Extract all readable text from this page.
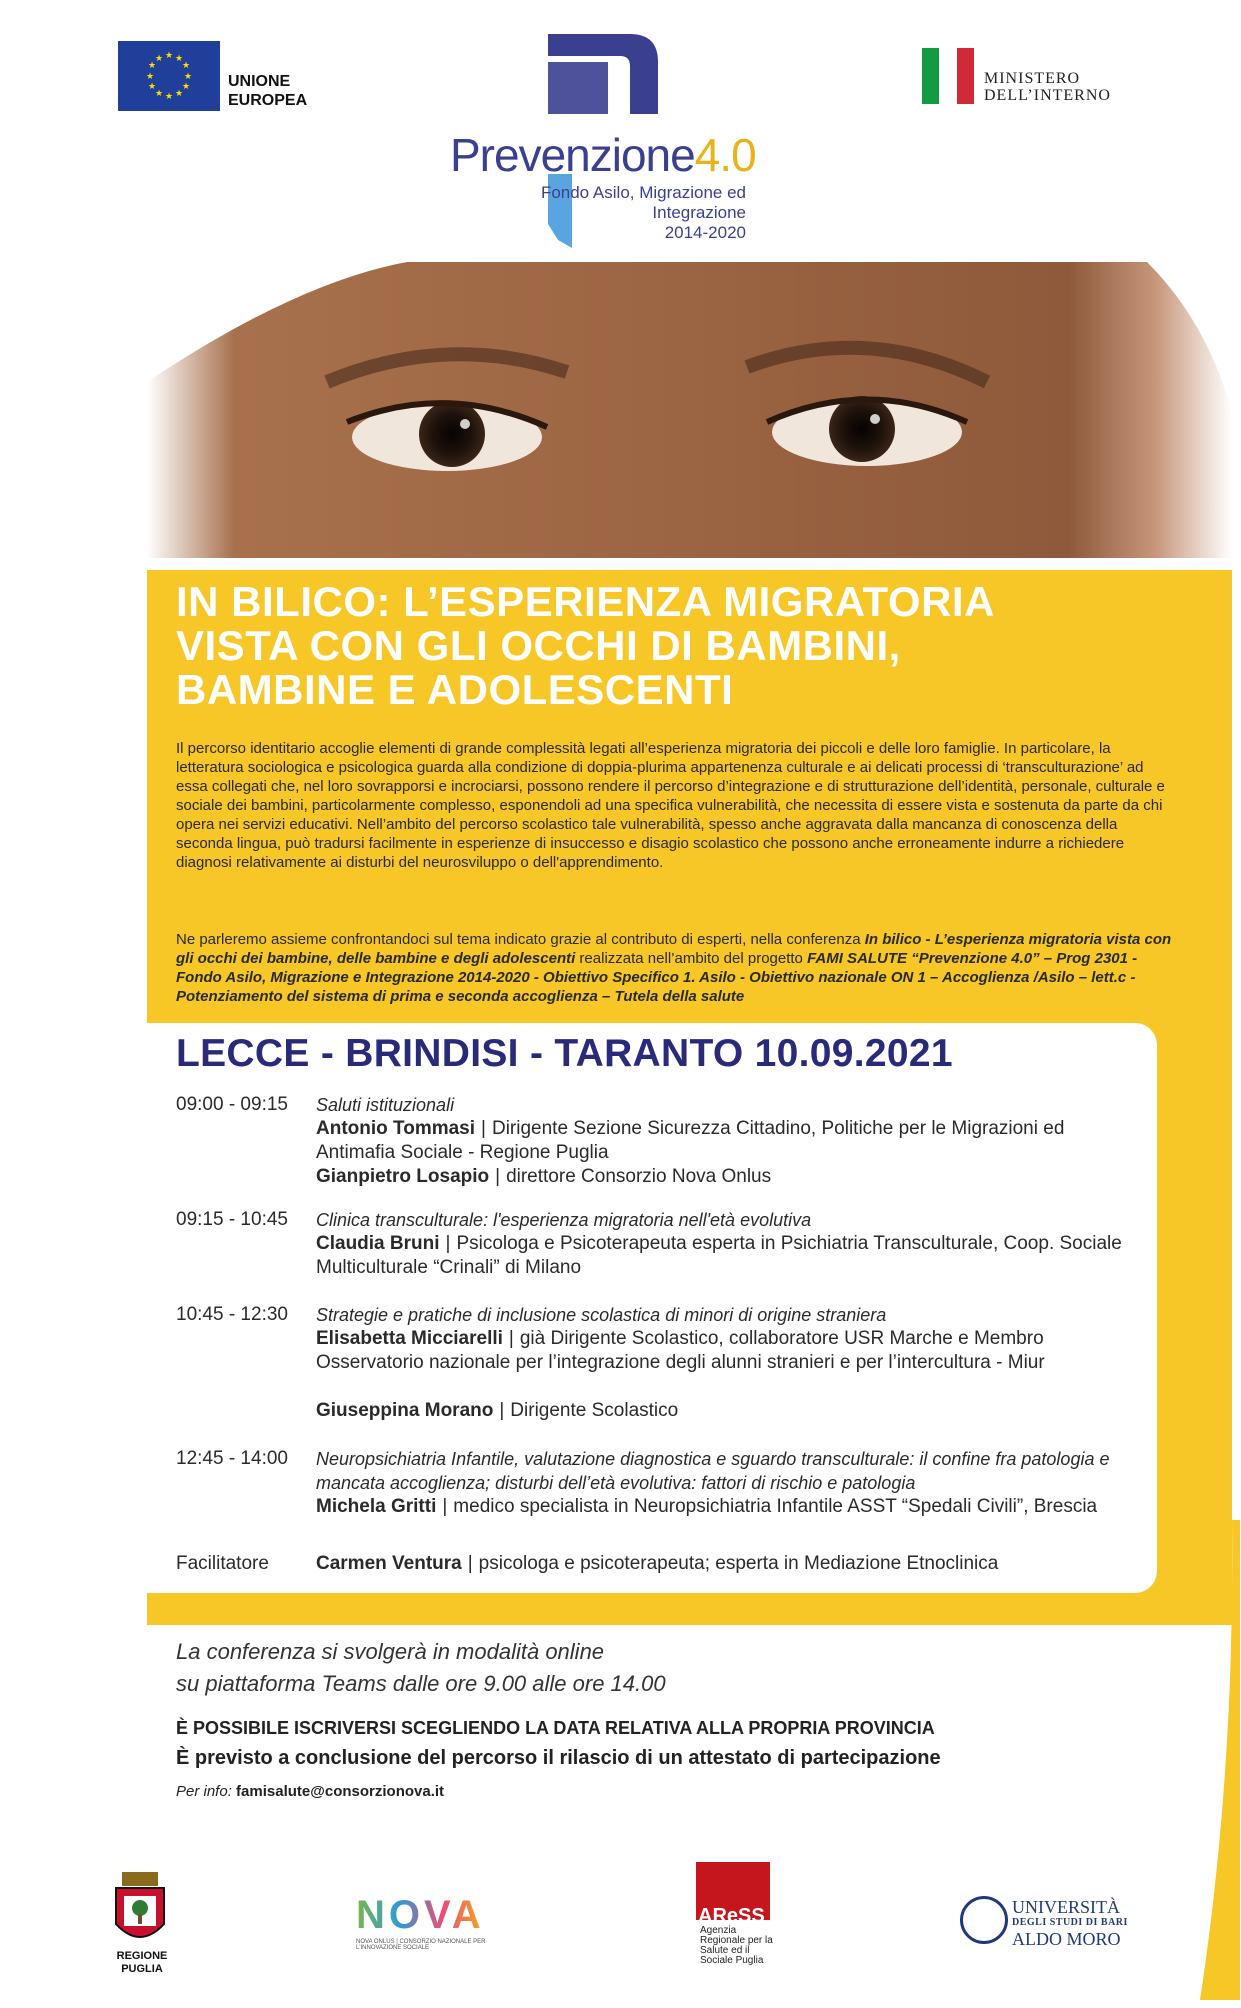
★ ★
★
★
★
★
★
★
★
★
★
★
UNIONE
EUROPEA
MINISTERO
DELL’INTERNO
Prevenzione4.0
Fondo Asilo, Migrazione ed Integrazione
2014-2020
IN BILICO: L’ESPERIENZA MIGRATORIA
VISTA CON GLI OCCHI DI BAMBINI,
BAMBINE E ADOLESCENTI
Il percorso identitario accoglie elementi di grande complessità legati all’esperienza migratoria dei piccoli e delle loro famiglie. In particolare, la letteratura sociologica e psicologica guarda alla condizione di doppia-plurima appartenenza culturale e ai delicati processi di ‘transculturazione’ ad essa collegati che, nel loro sovrapporsi e incrociarsi, possono rendere il percorso d’integrazione e di strutturazione dell’identità, personale, culturale e sociale dei bambini, particolarmente complesso, esponendoli ad una specifica vulnerabilità, che necessita di essere vista e sostenuta da parte da chi opera nei servizi educativi. Nell’ambito del percorso scolastico tale vulnerabilità, spesso anche aggravata dalla mancanza di conoscenza della seconda lingua, può tradursi facilmente in esperienze di insuccesso e disagio scolastico che possono anche erroneamente indurre a richiedere diagnosi relativamente ai disturbi del neurosviluppo o dell'apprendimento.
Ne parleremo assieme confrontandoci sul tema indicato grazie al contributo di esperti, nella conferenza In bilico - L’esperienza migratoria vista con gli occhi dei bambine, delle bambine e degli adolescenti realizzata nell’ambito del progetto FAMI SALUTE “Prevenzione 4.0” – Prog 2301 - Fondo Asilo, Migrazione e Integrazione 2014-2020 - Obiettivo Specifico 1. Asilo - Obiettivo nazionale ON 1 – Accoglienza /Asilo – lett.c - Potenziamento del sistema di prima e seconda accoglienza – Tutela della salute
LECCE - BRINDISI - TARANTO 10.09.2021
09:00 - 09:15	Saluti istituzionali
Antonio Tommasi | Dirigente Sezione Sicurezza Cittadino, Politiche per le Migrazioni ed Antimafia Sociale - Regione Puglia
Gianpietro Losapio | direttore Consorzio Nova Onlus
09:15 - 10:45	Clinica transculturale: l'esperienza migratoria nell'età evolutiva
Claudia Bruni | Psicologa e Psicoterapeuta esperta in Psichiatria Transculturale, Coop. Sociale Multiculturale “Crinali” di Milano
10:45 - 12:30	Strategie e pratiche di inclusione scolastica di minori di origine straniera
Elisabetta Micciarelli | già Dirigente Scolastico, collaboratore USR Marche e Membro Osservatorio nazionale per l’integrazione degli alunni stranieri e per l’intercultura - Miur
Giuseppina Morano | Dirigente Scolastico
12:45 - 14:00	Neuropsichiatria Infantile, valutazione diagnostica e sguardo transculturale: il confine fra patologia e mancata accoglienza; disturbi dell’età evolutiva: fattori di rischio e patologia
Michela Gritti | medico specialista in Neuropsichiatria Infantile ASST “Spedali Civili”, Brescia
Facilitatore	Carmen Ventura | psicologa e psicoterapeuta; esperta in Mediazione Etnoclinica
La conferenza si svolgerà in modalità online
su piattaforma Teams dalle ore 9.00 alle ore 14.00
È POSSIBILE ISCRIVERSI SCEGLIENDO LA DATA RELATIVA ALLA PROPRIA PROVINCIA
È previsto a conclusione del percorso il rilascio di un attestato di partecipazione
Per info: famisalute@consorzionova.it
REGIONE
PUGLIA
NOVA
NOVA ONLUS | CONSORZIO NAZIONALE PER L'INNOVAZIONE SOCIALE
AReSS
Agenzia Regionale per la Salute ed il Sociale Puglia
UNIVERSITÀ
DEGLI STUDI DI BARI
ALDO MORO
